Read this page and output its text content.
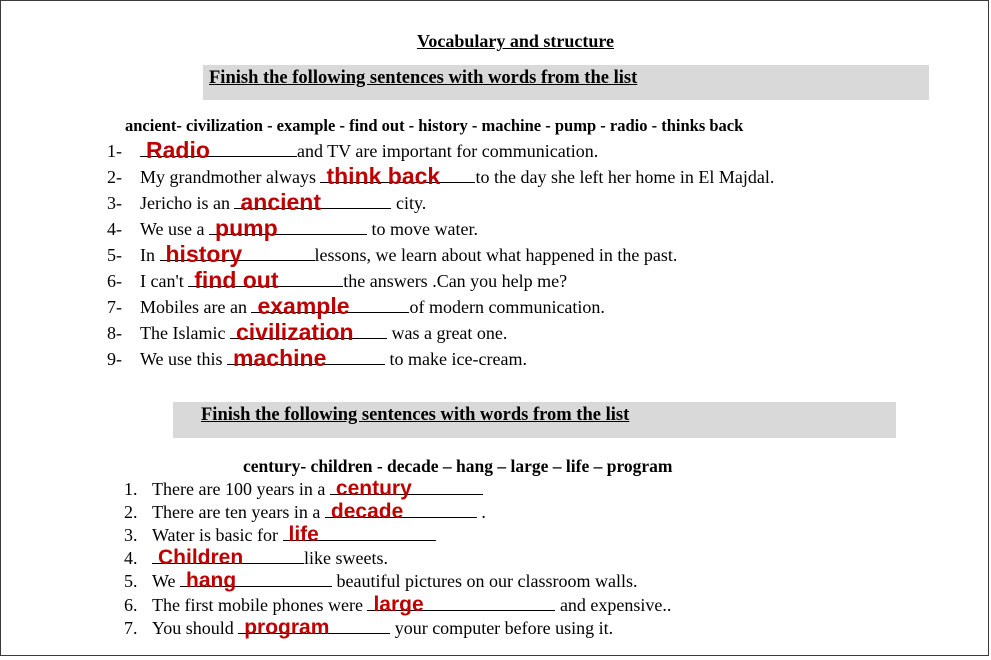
Vocabulary and structure
Finish the following sentences with words from the list
ancient- civilization - example - find out - history - machine - pump - radio - thinks back
1- Radio	and TV are important for communication.
2- My grandmother always think back to the day she left her home in El Majdal.
3- Jericho is an ancient	city.
4- We use a pump	to move water.
5- In history	lessons, we learn about what happened in the past.
6- I can't find out	the answers .Can you help me?
7- Mobiles are an example	of modern communication.
8- The Islamic civilization was a great one.
9- We use this machine	to make ice-cream.
Finish the following sentences with words from the list
century- children - decade – hang – large – life – program
1. There are 100 years in a century
2. There are ten years in a decade	.
3. Water is basic for life
4. Children	like sweets.
5. We hang	beautiful pictures on our classroom walls.
6. The first mobile phones were large	and expensive..
7. You should program	your computer before using it.
